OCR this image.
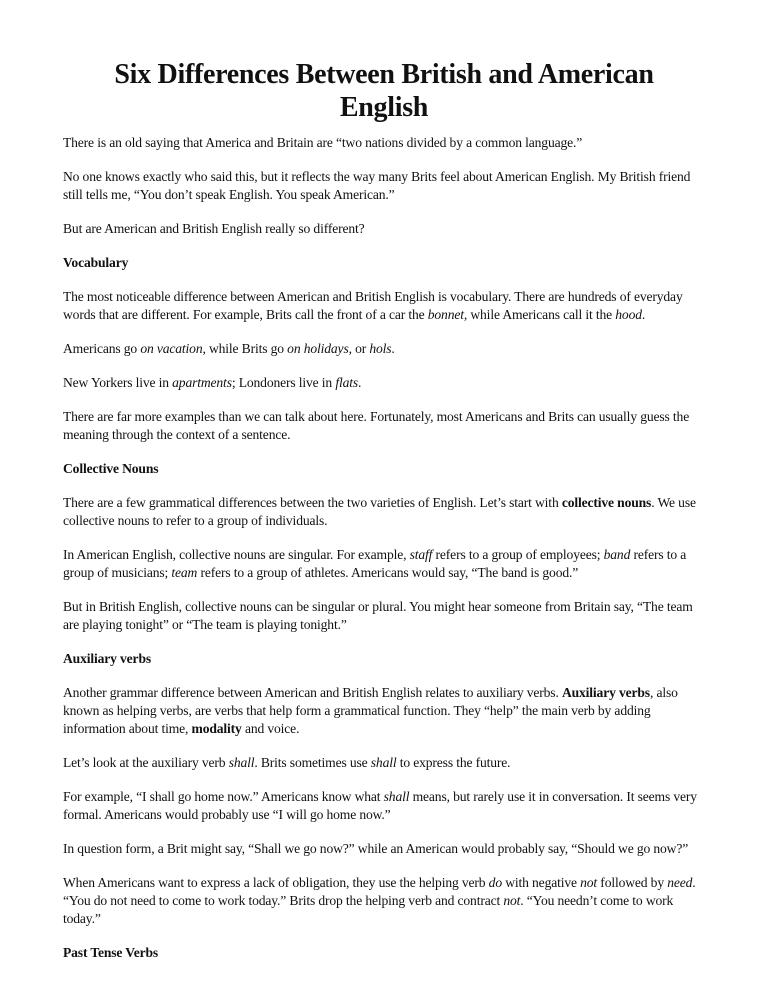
Six Differences Between British and American English

There is an old saying that America and Britain are “two nations divided by a common language.”

No one knows exactly who said this, but it reflects the way many Brits feel about American English. My British friend still tells me, “You don’t speak English. You speak American.”

But are American and British English really so different?

Vocabulary

The most noticeable difference between American and British English is vocabulary. There are hundreds of everyday words that are different. For example, Brits call the front of a car the bonnet, while Americans call it the hood.

Americans go on vacation, while Brits go on holidays, or hols.

New Yorkers live in apartments; Londoners live in flats.

There are far more examples than we can talk about here. Fortunately, most Americans and Brits can usually guess the meaning through the context of a sentence.

Collective Nouns

There are a few grammatical differences between the two varieties of English. Let’s start with collective nouns. We use collective nouns to refer to a group of individuals.

In American English, collective nouns are singular. For example, staff refers to a group of employees; band refers to a group of musicians; team refers to a group of athletes. Americans would say, “The band is good.”

But in British English, collective nouns can be singular or plural. You might hear someone from Britain say, “The team are playing tonight” or “The team is playing tonight.”

Auxiliary verbs

Another grammar difference between American and British English relates to auxiliary verbs. Auxiliary verbs, also known as helping verbs, are verbs that help form a grammatical function. They “help” the main verb by adding information about time, modality and voice.

Let’s look at the auxiliary verb shall. Brits sometimes use shall to express the future.

For example, “I shall go home now.” Americans know what shall means, but rarely use it in conversation. It seems very formal. Americans would probably use “I will go home now.”

In question form, a Brit might say, “Shall we go now?” while an American would probably say, “Should we go now?”

When Americans want to express a lack of obligation, they use the helping verb do with negative not followed by need. “You do not need to come to work today.” Brits drop the helping verb and contract not. “You needn’t come to work today.”

Past Tense Verbs
